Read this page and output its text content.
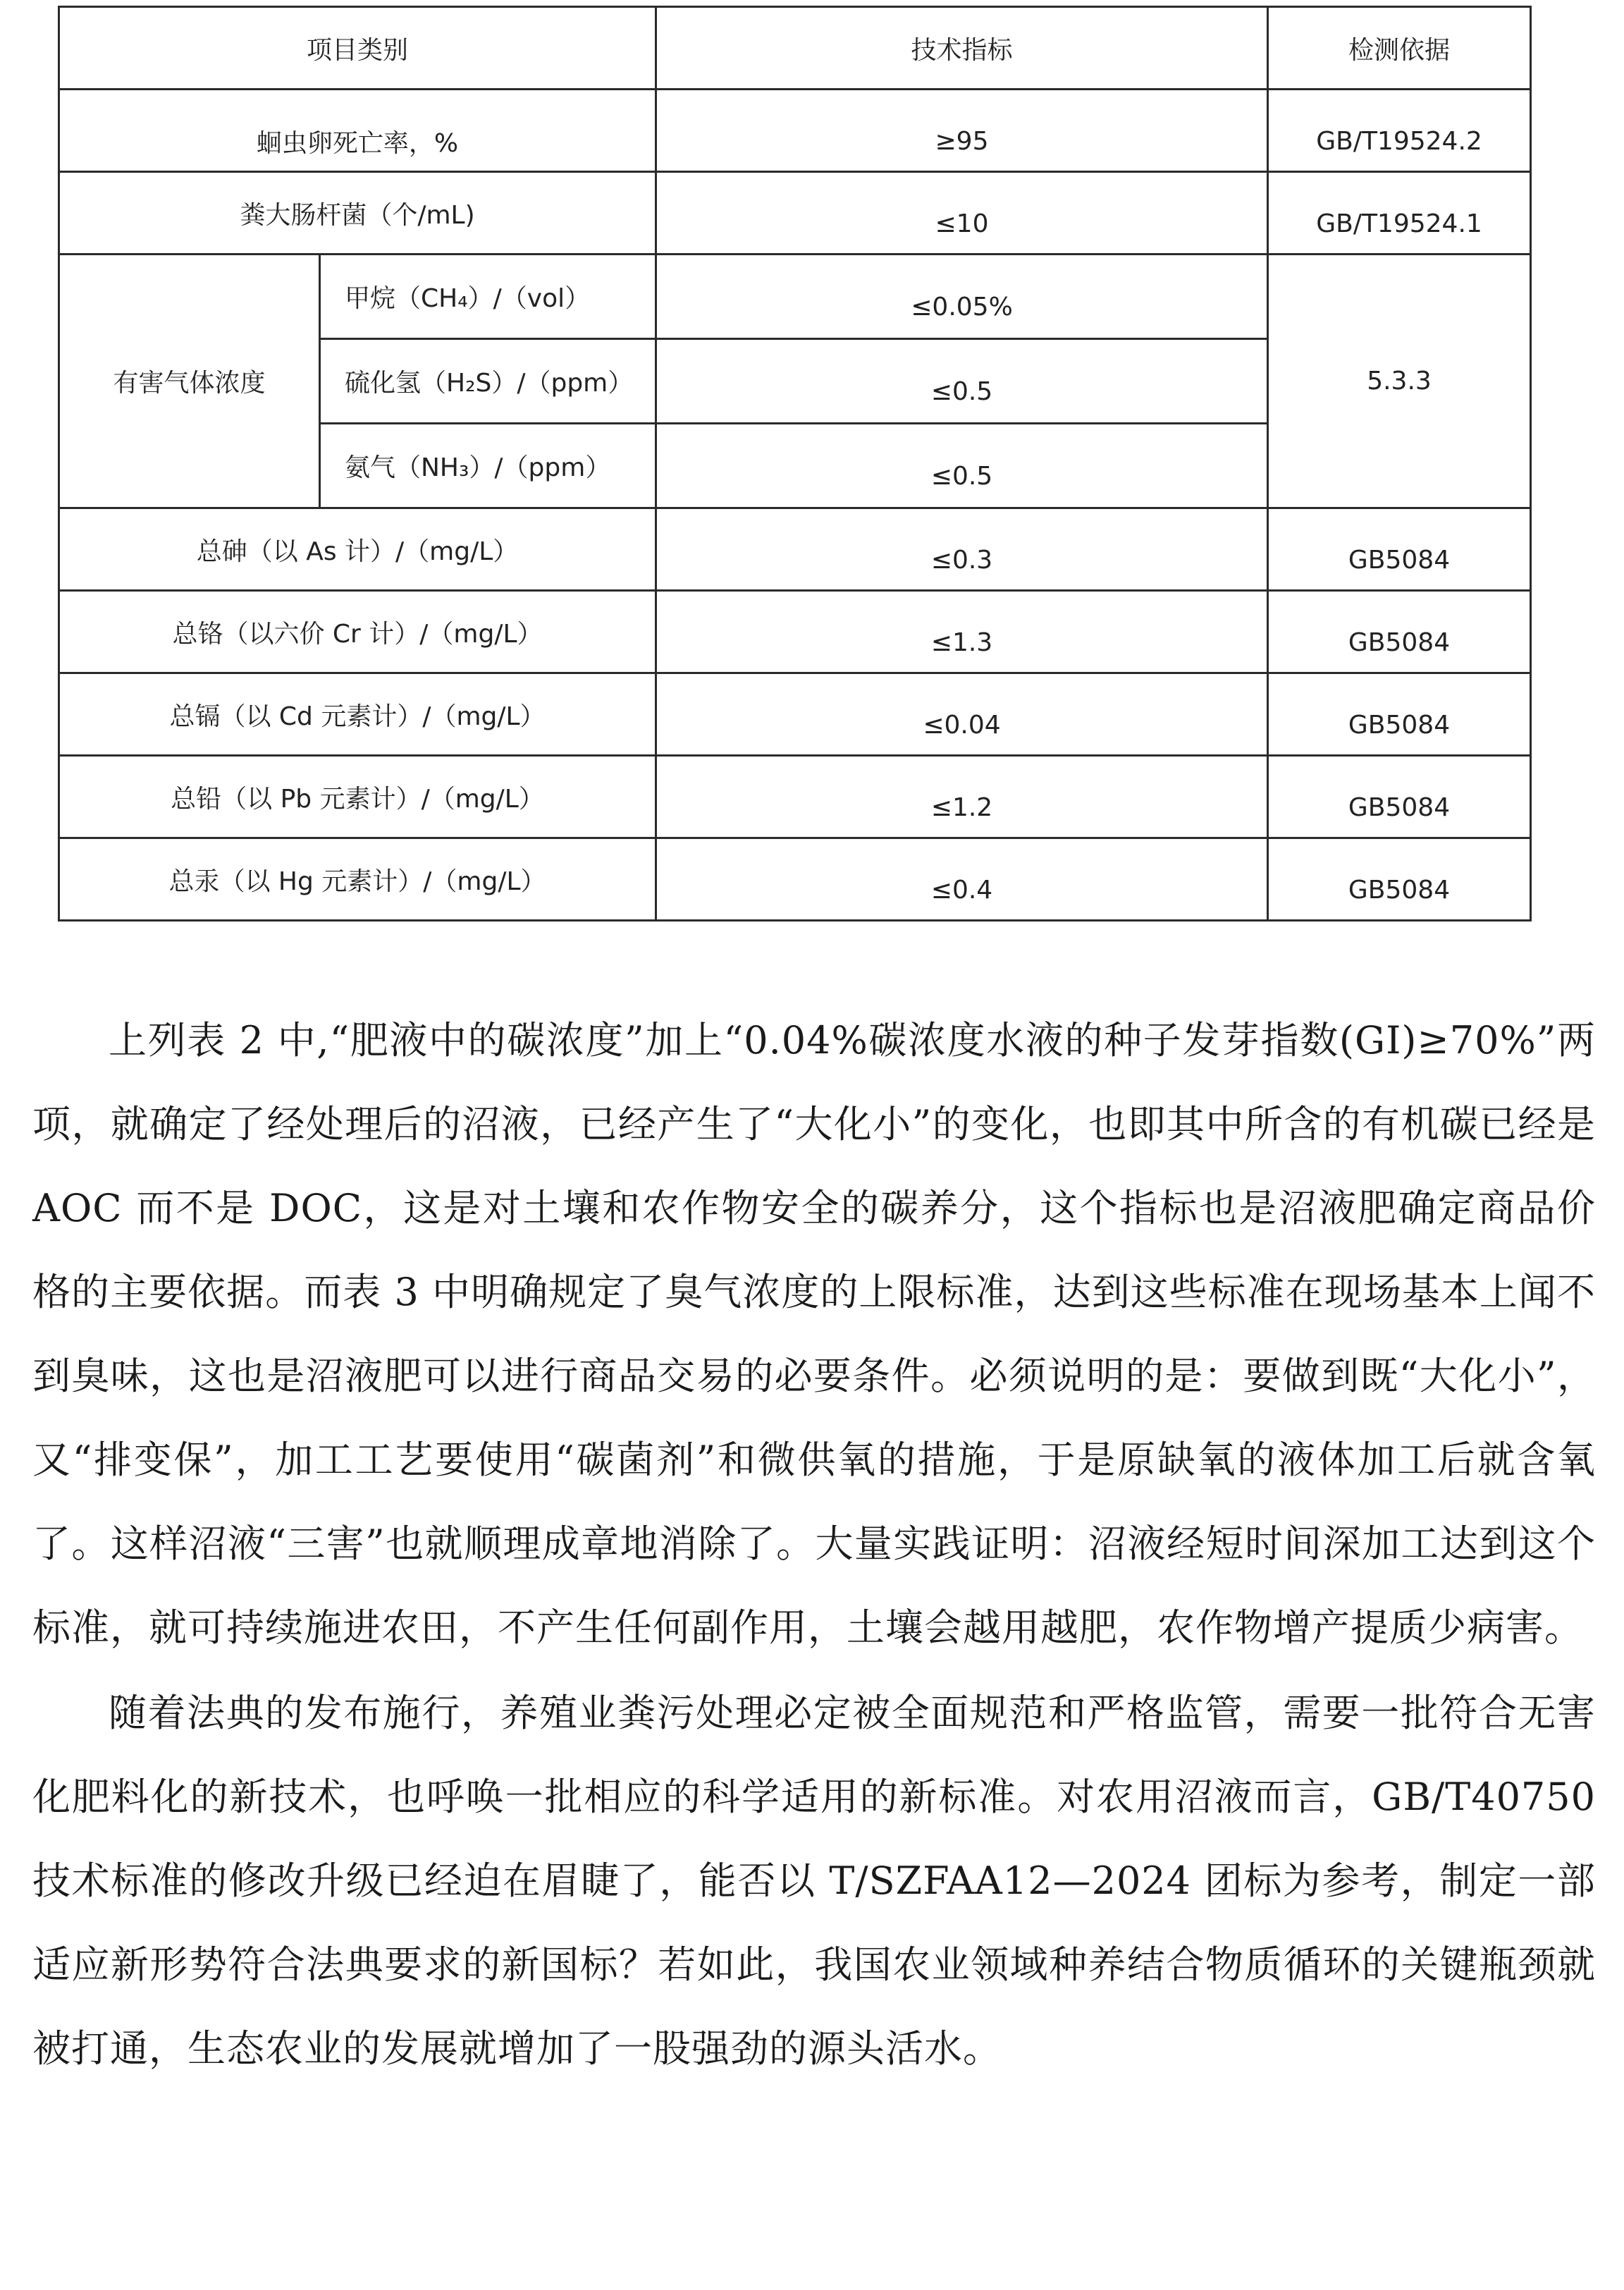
项目类别		技术指标	检测依据
蛔虫卵死亡率，%		≥95	GB/T19524.2
粪大肠杆菌（个/mL)		≤10	GB/T19524.1
有害气体浓度	甲烷（CH₄）/（vol）	≤0.05%	5.3.3
	硫化氢（H₂S）/（ppm）	≤0.5	
	氨气（NH₃）/（ppm）	≤0.5	
总砷（以 As 计）/（mg/L）		≤0.3	GB5084
总铬（以六价 Cr 计）/（mg/L）		≤1.3	GB5084
总镉（以 Cd 元素计）/（mg/L）		≤0.04	GB5084
总铅（以 Pb 元素计）/（mg/L）		≤1.2	GB5084
总汞（以 Hg 元素计）/（mg/L）		≤0.4	GB5084

上列表 2 中,“肥液中的碳浓度”加上“0.04%碳浓度水液的种子发芽指数(GI)≥70%”两项，就确定了经处理后的沼液，已经产生了“大化小”的变化，也即其中所含的有机碳已经是 AOC 而不是 DOC，这是对土壤和农作物安全的碳养分，这个指标也是沼液肥确定商品价格的主要依据。而表 3 中明确规定了臭气浓度的上限标准，达到这些标准在现场基本上闻不到臭味，这也是沼液肥可以进行商品交易的必要条件。必须说明的是：要做到既“大化小”，又“排变保”，加工工艺要使用“碳菌剂”和微供氧的措施，于是原缺氧的液体加工后就含氧了。这样沼液“三害”也就顺理成章地消除了。大量实践证明：沼液经短时间深加工达到这个标准，就可持续施进农田，不产生任何副作用，土壤会越用越肥，农作物增产提质少病害。

随着法典的发布施行，养殖业粪污处理必定被全面规范和严格监管，需要一批符合无害化肥料化的新技术，也呼唤一批相应的科学适用的新标准。对农用沼液而言，GB/T40750 技术标准的修改升级已经迫在眉睫了，能否以 T/SZFAA12—2024 团标为参考，制定一部适应新形势符合法典要求的新国标？若如此，我国农业领域种养结合物质循环的关键瓶颈就被打通，生态农业的发展就增加了一股强劲的源头活水。
